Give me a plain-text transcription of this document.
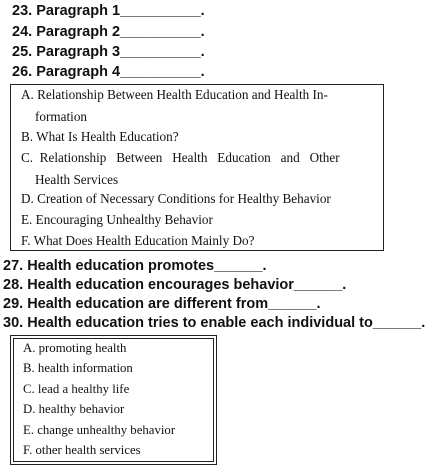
23. Paragraph 1__________.
24. Paragraph 2__________.
25. Paragraph 3__________.
26. Paragraph 4__________.
A. Relationship Between Health Education and Health In-
formation
B. What Is Health Education?
C.  Relationship   Between   Health   Education   and   Other
Health Services
D. Creation of Necessary Conditions for Healthy Behavior
E. Encouraging Unhealthy Behavior
F. What Does Health Education Mainly Do?
27. Health education promotes______.
28. Health education encourages behavior______.
29. Health education are different from______.
30. Health education tries to enable each individual to______.
A. promoting health
B. health information
C. lead a healthy life
D. healthy behavior
E. change unhealthy behavior
F. other health services
